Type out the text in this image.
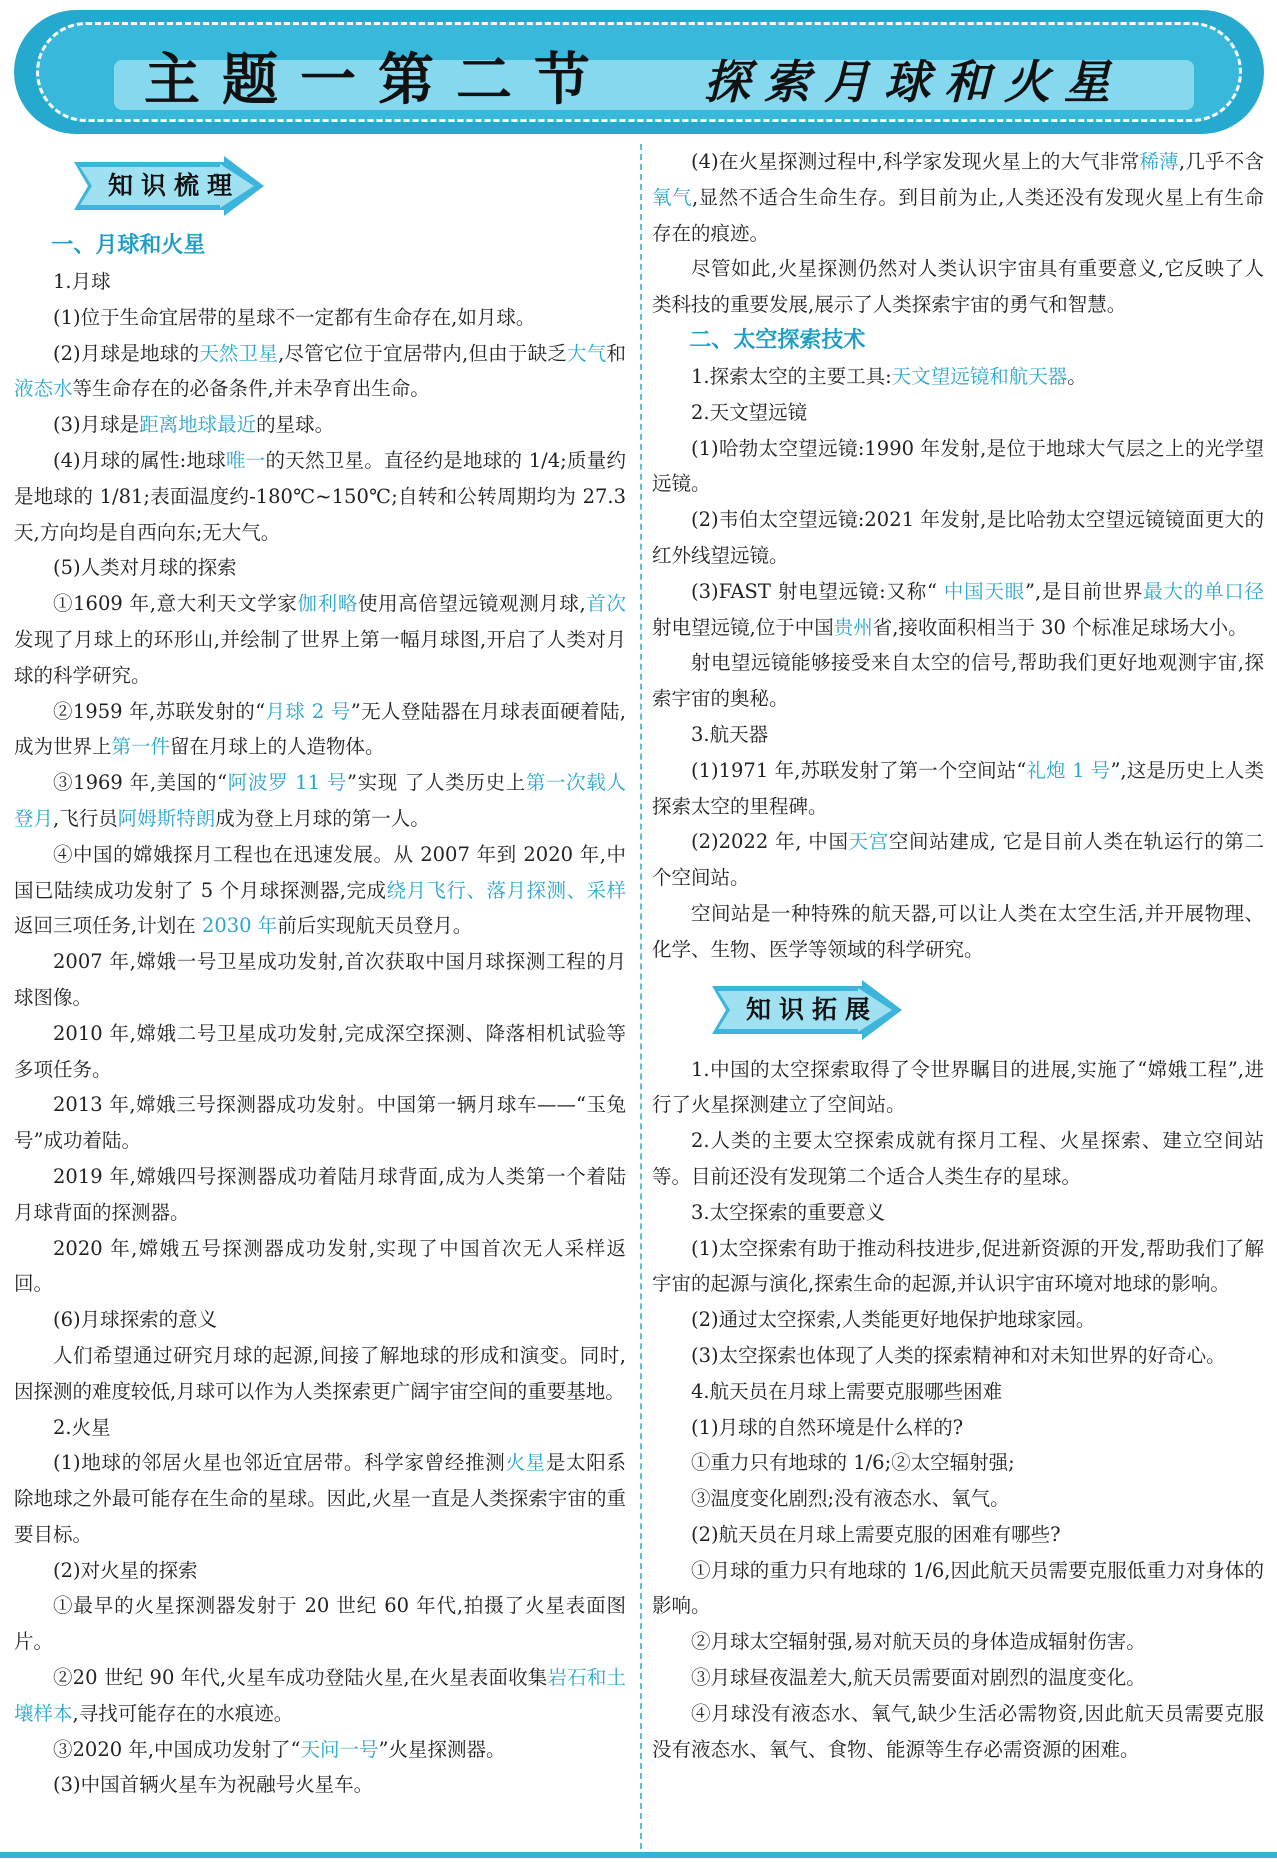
主题一第二节 探索月球和火星
知识梳理

一、月球和火星

1.月球

(1)位于生命宜居带的星球不一定都有生命存在,如月球。

(2)月球是地球的天然卫星,尽管它位于宜居带内,但由于缺乏大气和液态水等生命存在的必备条件,并未孕育出生命。

(3)月球是距离地球最近的星球。

(4)月球的属性:地球唯一的天然卫星。直径约是地球的 1/4;质量约是地球的 1/81;表面温度约-180℃~150℃;自转和公转周期均为 27.3 天,方向均是自西向东;无大气。

(5)人类对月球的探索

①1609 年,意大利天文学家伽利略使用高倍望远镜观测月球,首次发现了月球上的环形山,并绘制了世界上第一幅月球图,开启了人类对月球的科学研究。

②1959 年,苏联发射的“月球 2 号”无人登陆器在月球表面硬着陆,成为世界上第一件留在月球上的人造物体。

③1969 年,美国的“阿波罗 11 号”实现 了人类历史上第一次载人登月,飞行员阿姆斯特朗成为登上月球的第一人。

④中国的嫦娥探月工程也在迅速发展。从 2007 年到 2020 年,中国已陆续成功发射了 5 个月球探测器,完成绕月飞行、落月探测、采样返回三项任务,计划在 2030 年前后实现航天员登月。

2007 年,嫦娥一号卫星成功发射,首次获取中国月球探测工程的月球图像。

2010 年,嫦娥二号卫星成功发射,完成深空探测、降落相机试验等多项任务。

2013 年,嫦娥三号探测器成功发射。中国第一辆月球车——“玉兔号”成功着陆。

2019 年,嫦娥四号探测器成功着陆月球背面,成为人类第一个着陆月球背面的探测器。

2020 年,嫦娥五号探测器成功发射,实现了中国首次无人采样返回。

(6)月球探索的意义

人们希望通过研究月球的起源,间接了解地球的形成和演变。同时,因探测的难度较低,月球可以作为人类探索更广阔宇宙空间的重要基地。

2.火星

(1)地球的邻居火星也邻近宜居带。科学家曾经推测火星是太阳系除地球之外最可能存在生命的星球。因此,火星一直是人类探索宇宙的重要目标。

(2)对火星的探索

①最早的火星探测器发射于 20 世纪 60 年代,拍摄了火星表面图片。

②20 世纪 90 年代,火星车成功登陆火星,在火星表面收集岩石和土壤样本,寻找可能存在的水痕迹。

③2020 年,中国成功发射了“天问一号”火星探测器。

(3)中国首辆火星车为祝融号火星车。

(4)在火星探测过程中,科学家发现火星上的大气非常稀薄,几乎不含氧气,显然不适合生命生存。到目前为止,人类还没有发现火星上有生命存在的痕迹。

尽管如此,火星探测仍然对人类认识宇宙具有重要意义,它反映了人类科技的重要发展,展示了人类探索宇宙的勇气和智慧。

二、太空探索技术

1.探索太空的主要工具:天文望远镜和航天器。

2.天文望远镜

(1)哈勃太空望远镜:1990 年发射,是位于地球大气层之上的光学望远镜。

(2)韦伯太空望远镜:2021 年发射,是比哈勃太空望远镜镜面更大的红外线望远镜。

(3)FAST 射电望远镜:又称“ 中国天眼”,是目前世界最大的单口径射电望远镜,位于中国贵州省,接收面积相当于 30 个标准足球场大小。

射电望远镜能够接受来自太空的信号,帮助我们更好地观测宇宙,探索宇宙的奥秘。

3.航天器

(1)1971 年,苏联发射了第一个空间站“礼炮 1 号”,这是历史上人类探索太空的里程碑。

(2)2022 年, 中国天宫空间站建成, 它是目前人类在轨运行的第二个空间站。

空间站是一种特殊的航天器,可以让人类在太空生活,并开展物理、化学、生物、医学等领域的科学研究。

知识拓展

1.中国的太空探索取得了令世界瞩目的进展,实施了“嫦娥工程”,进行了火星探测建立了空间站。

2.人类的主要太空探索成就有探月工程、火星探索、建立空间站等。目前还没有发现第二个适合人类生存的星球。

3.太空探索的重要意义

(1)太空探索有助于推动科技进步,促进新资源的开发,帮助我们了解宇宙的起源与演化,探索生命的起源,并认识宇宙环境对地球的影响。

(2)通过太空探索,人类能更好地保护地球家园。

(3)太空探索也体现了人类的探索精神和对未知世界的好奇心。

4.航天员在月球上需要克服哪些困难

(1)月球的自然环境是什么样的?

①重力只有地球的 1/6;②太空辐射强;

③温度变化剧烈;没有液态水、氧气。

(2)航天员在月球上需要克服的困难有哪些?

①月球的重力只有地球的 1/6,因此航天员需要克服低重力对身体的影响。

②月球太空辐射强,易对航天员的身体造成辐射伤害。

③月球昼夜温差大,航天员需要面对剧烈的温度变化。

④月球没有液态水、氧气,缺少生活必需物资,因此航天员需要克服没有液态水、氧气、食物、能源等生存必需资源的困难。
